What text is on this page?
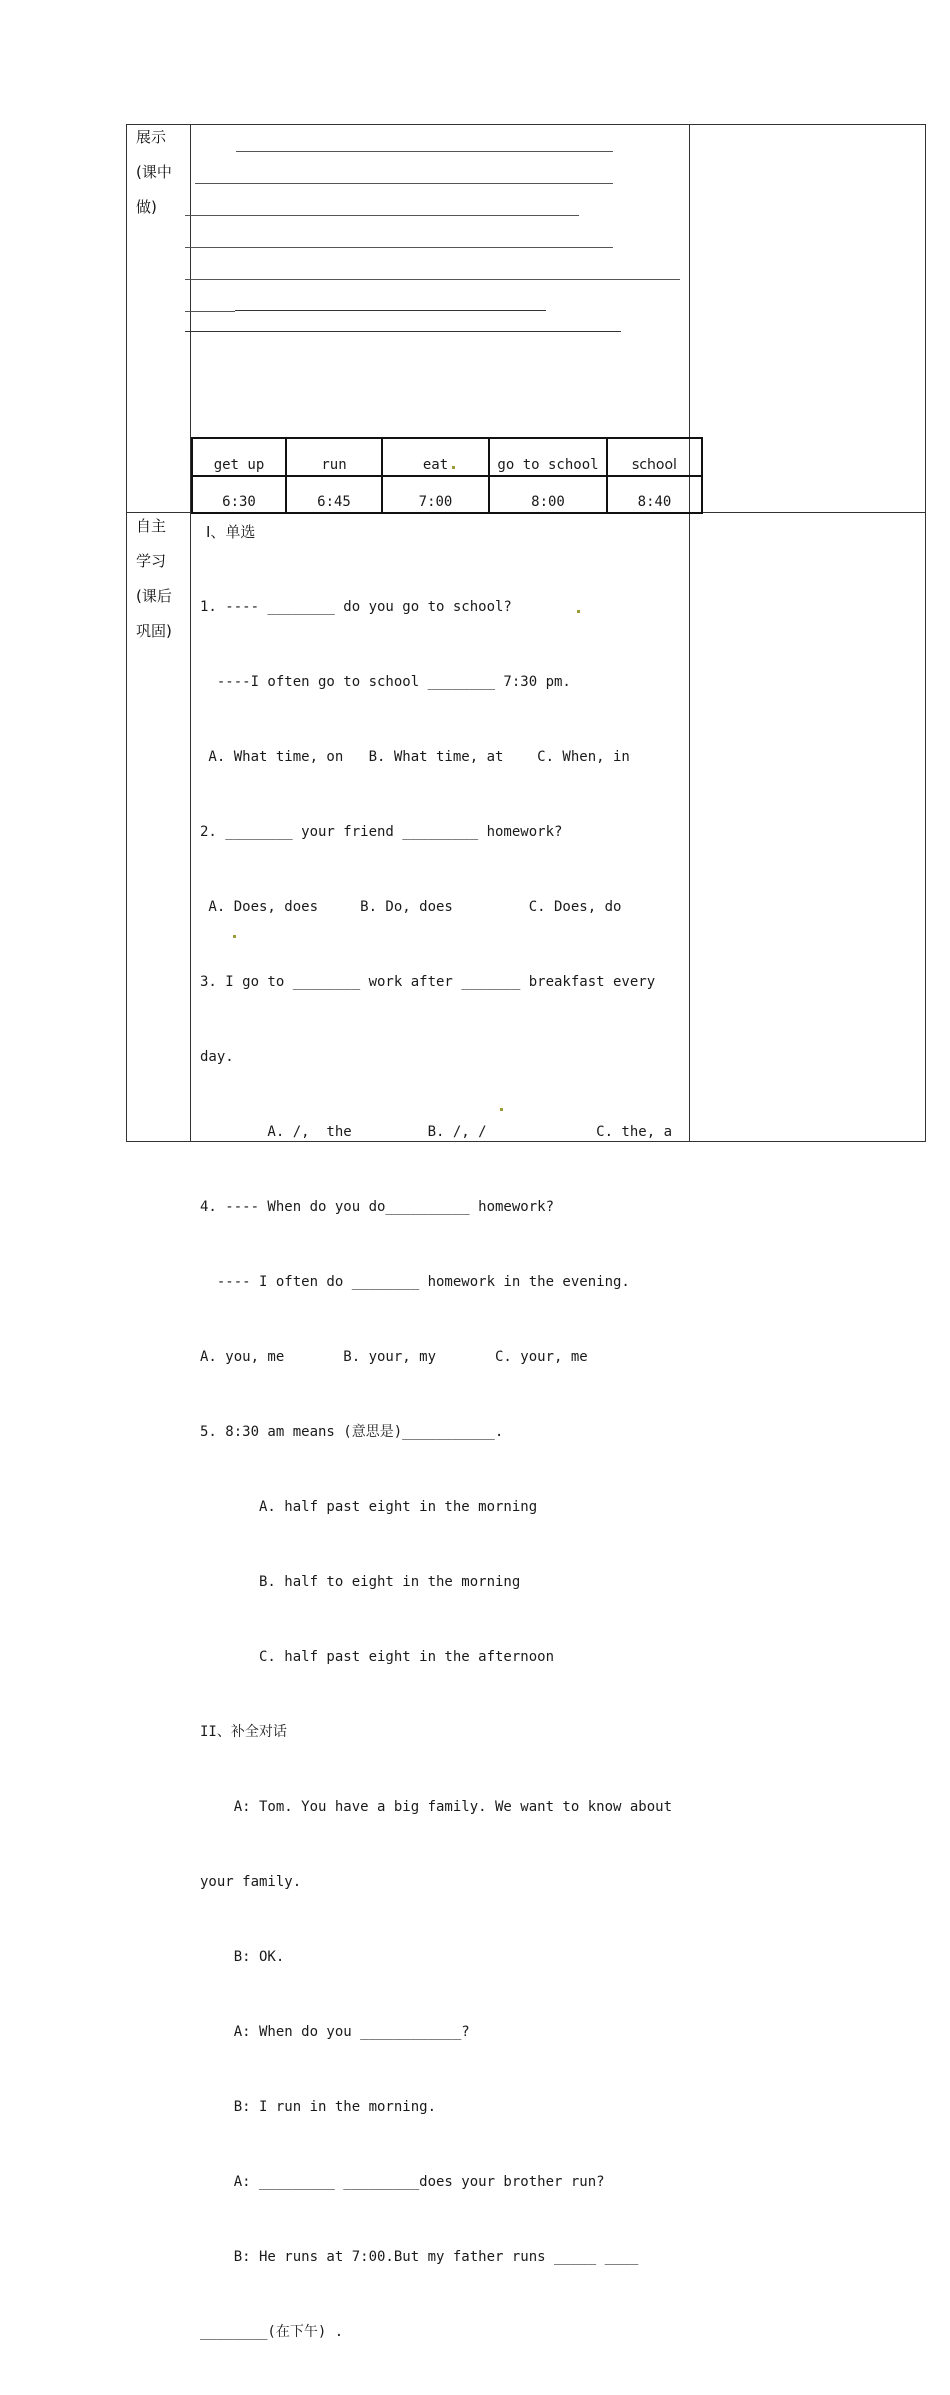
展示
(课中
做)
get up	run	eat	go to school	school
6:30	6:45	7:00	8:00	8:40
自主
学习
(课后
巩固)
I、单选

1. ---- ________ do you go to school?

----I often go to school ________ 7:30 pm.

A. What time, on   B. What time, at    C. When, in

2. ________ your friend _________ homework?

A. Does, does     B. Do, does         C. Does, do

3. I go to ________ work after _______ breakfast every

day.

A. /,  the         B. /, /             C. the, a

4. ---- When do you do__________ homework?

---- I often do ________ homework in the evening.

A. you, me       B. your, my       C. your, me

5. 8:30 am means (意思是)___________.

A. half past eight in the morning

B. half to eight in the morning

C. half past eight in the afternoon

II、补全对话

A: Tom. You have a big family. We want to know about

your family.

B: OK.

A: When do you ____________?

B: I run in the morning.

A: _________ _________does your brother run?

B: He runs at 7:00.But my father runs _____ ____

________(在下午) .
